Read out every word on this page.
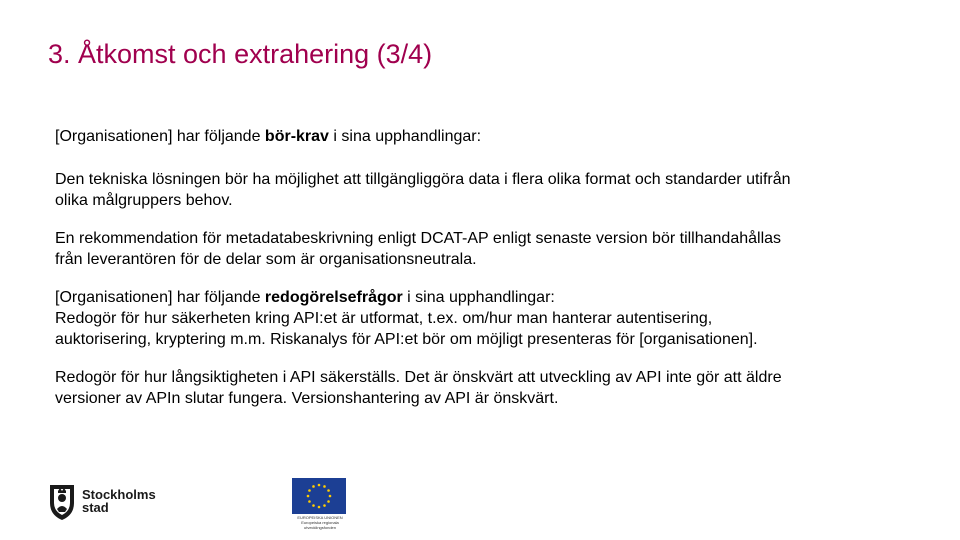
3. Åtkomst och extrahering (3/4)
[Organisationen] har följande bör-krav i sina upphandlingar:
Den tekniska lösningen bör ha möjlighet att tillgängliggöra data i flera olika format och standarder utifrån
olika målgruppers behov.
En rekommendation för metadatabeskrivning enligt DCAT-AP enligt senaste version bör tillhandahållas
från leverantören för de delar som är organisationsneutrala.
[Organisationen] har följande redogörelsefrågor i sina upphandlingar:
Redogör för hur säkerheten kring API:et är utformat, t.ex. om/hur man hanterar autentisering,
auktorisering, kryptering m.m. Riskanalys för API:et bör om möjligt presenteras för [organisationen].
Redogör för hur långsiktigheten i API säkerställs. Det är önskvärt att utveckling av API inte gör att äldre
versioner av APIn slutar fungera. Versionshantering av API är önskvärt.
Stockholms
stad
EUROPEISKA UNIONEN
Europeiska regionala
utvecklingsfonden
